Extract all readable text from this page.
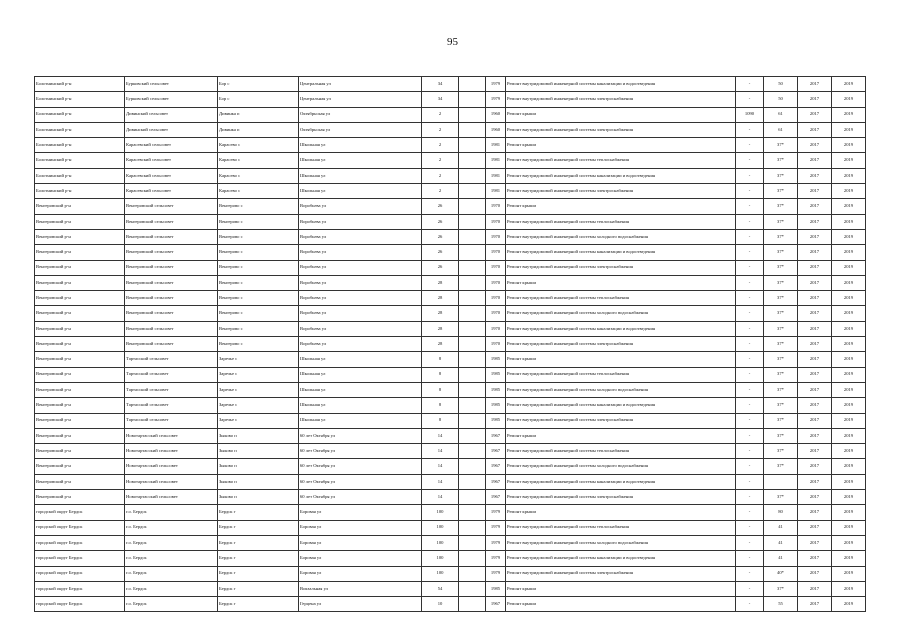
95
Болотнинский р-н	Бурковский сельсовет	Бор с	Центральная ул	34		1979	Ремонт внутридомовой инженерной системы канализации и водоотведения	-	50	2017	2019
Болотнинский р-н	Бурковский сельсовет	Бор с	Центральная ул	34		1979	Ремонт внутридомовой инженерной системы электроснабжения	-	50	2017	2019
Болотнинский р-н	Дивинский сельсовет	Дивинка п	Октябрьская ул	2		1960	Ремонт крыши	1090	61	2017	2019
Болотнинский р-н	Дивинский сельсовет	Дивинка п	Октябрьская ул	2		1960	Ремонт внутридомовой инженерной системы электроснабжения	-	61	2017	2019
Болотнинский р-н	Карасевский сельсовет	Карасево с	Школьная ул	2		1981	Ремонт крыши	-	37*	2017	2019
Болотнинский р-н	Карасевский сельсовет	Карасево с	Школьная ул	2		1981	Ремонт внутридомовой инженерной системы теплоснабжения	-	37*	2017	2019
Болотнинский р-н	Карасевский сельсовет	Карасево с	Школьная ул	2		1981	Ремонт внутридомовой инженерной системы канализации и водоотведения	-	37*	2017	2019
Болотнинский р-н	Карасевский сельсовет	Карасево с	Школьная ул	2		1981	Ремонт внутридомовой инженерной системы электроснабжения	-	37*	2017	2019
Венгеровский р-н	Венгеровский сельсовет	Венгерово с	Воробьева ул	26		1970	Ремонт крыши	-	37*	2017	2019
Венгеровский р-н	Венгеровский сельсовет	Венгерово с	Воробьева ул	26		1970	Ремонт внутридомовой инженерной системы теплоснабжения	-	37*	2017	2019
Венгеровский р-н	Венгеровский сельсовет	Венгерово с	Воробьева ул	26		1970	Ремонт внутридомовой инженерной системы холодного водоснабжения	-	37*	2017	2019
Венгеровский р-н	Венгеровский сельсовет	Венгерово с	Воробьева ул	26		1970	Ремонт внутридомовой инженерной системы канализации и водоотведения	-	37*	2017	2019
Венгеровский р-н	Венгеровский сельсовет	Венгерово с	Воробьева ул	26		1970	Ремонт внутридомовой инженерной системы электроснабжения	-	37*	2017	2019
Венгеровский р-н	Венгеровский сельсовет	Венгерово с	Воробьева ул	28		1970	Ремонт крыши	-	37*	2017	2019
Венгеровский р-н	Венгеровский сельсовет	Венгерово с	Воробьева ул	28		1970	Ремонт внутридомовой инженерной системы теплоснабжения	-	37*	2017	2019
Венгеровский р-н	Венгеровский сельсовет	Венгерово с	Воробьева ул	28		1970	Ремонт внутридомовой инженерной системы холодного водоснабжения	-	37*	2017	2019
Венгеровский р-н	Венгеровский сельсовет	Венгерово с	Воробьева ул	28		1970	Ремонт внутридомовой инженерной системы канализации и водоотведения	-	37*	2017	2019
Венгеровский р-н	Венгеровский сельсовет	Венгерово с	Воробьева ул	28		1970	Ремонт внутридомовой инженерной системы электроснабжения	-	37*	2017	2019
Венгеровский р-н	Тартасский сельсовет	Заречье с	Школьная ул	8		1985	Ремонт крыши	-	37*	2017	2019
Венгеровский р-н	Тартасский сельсовет	Заречье с	Школьная ул	8		1985	Ремонт внутридомовой инженерной системы теплоснабжения	-	37*	2017	2019
Венгеровский р-н	Тартасский сельсовет	Заречье с	Школьная ул	8		1985	Ремонт внутридомовой инженерной системы холодного водоснабжения	-	37*	2017	2019
Венгеровский р-н	Тартасский сельсовет	Заречье с	Школьная ул	8		1985	Ремонт внутридомовой инженерной системы канализации и водоотведения	-	37*	2017	2019
Венгеровский р-н	Тартасский сельсовет	Заречье с	Школьная ул	8		1985	Ремонт внутридомовой инженерной системы электроснабжения	-	37*	2017	2019
Венгеровский р-н	Новотартасский сельсовет	Зыково п	60 лет Октября ул	14		1967	Ремонт крыши	-	37*	2017	2019
Венгеровский р-н	Новотартасский сельсовет	Зыково п	60 лет Октября ул	14		1967	Ремонт внутридомовой инженерной системы теплоснабжения	-	37*	2017	2019
Венгеровский р-н	Новотартасский сельсовет	Зыково п	60 лет Октября ул	14		1967	Ремонт внутридомовой инженерной системы холодного водоснабжения	-	37*	2017	2019
Венгеровский р-н	Новотартасский сельсовет	Зыково п	60 лет Октября ул	14		1967	Ремонт внутридомовой инженерной системы канализации и водоотведения	-		2017	2019
Венгеровский р-н	Новотартасский сельсовет	Зыково п	60 лет Октября ул	14		1967	Ремонт внутридомовой инженерной системы электроснабжения	-	37*	2017	2019
городской округ Бердск	г.о. Бердск	Бердск г	Боровая ул	100		1979	Ремонт крыши	-	80	2017	2019
городской округ Бердск	г.о. Бердск	Бердск г	Боровая ул	100		1979	Ремонт внутридомовой инженерной системы теплоснабжения	-	41	2017	2019
городской округ Бердск	г.о. Бердск	Бердск г	Боровая ул	100		1979	Ремонт внутридомовой инженерной системы холодного водоснабжения	-	41	2017	2019
городской округ Бердск	г.о. Бердск	Бердск г	Боровая ул	100		1979	Ремонт внутридомовой инженерной системы канализации и водоотведения	-	41	2017	2019
городской округ Бердск	г.о. Бердск	Бердск г	Боровая ул	100		1979	Ремонт внутридомовой инженерной системы электроснабжения	-	40*	2017	2019
городской округ Бердск	г.о. Бердск	Бердск г	Вокзальная ул	54		1985	Ремонт крыши	-	37*	2017	2019
городской округ Бердск	г.о. Бердск	Бердск г	Герцена ул	10		1967	Ремонт крыши	-	55	2017	2019
